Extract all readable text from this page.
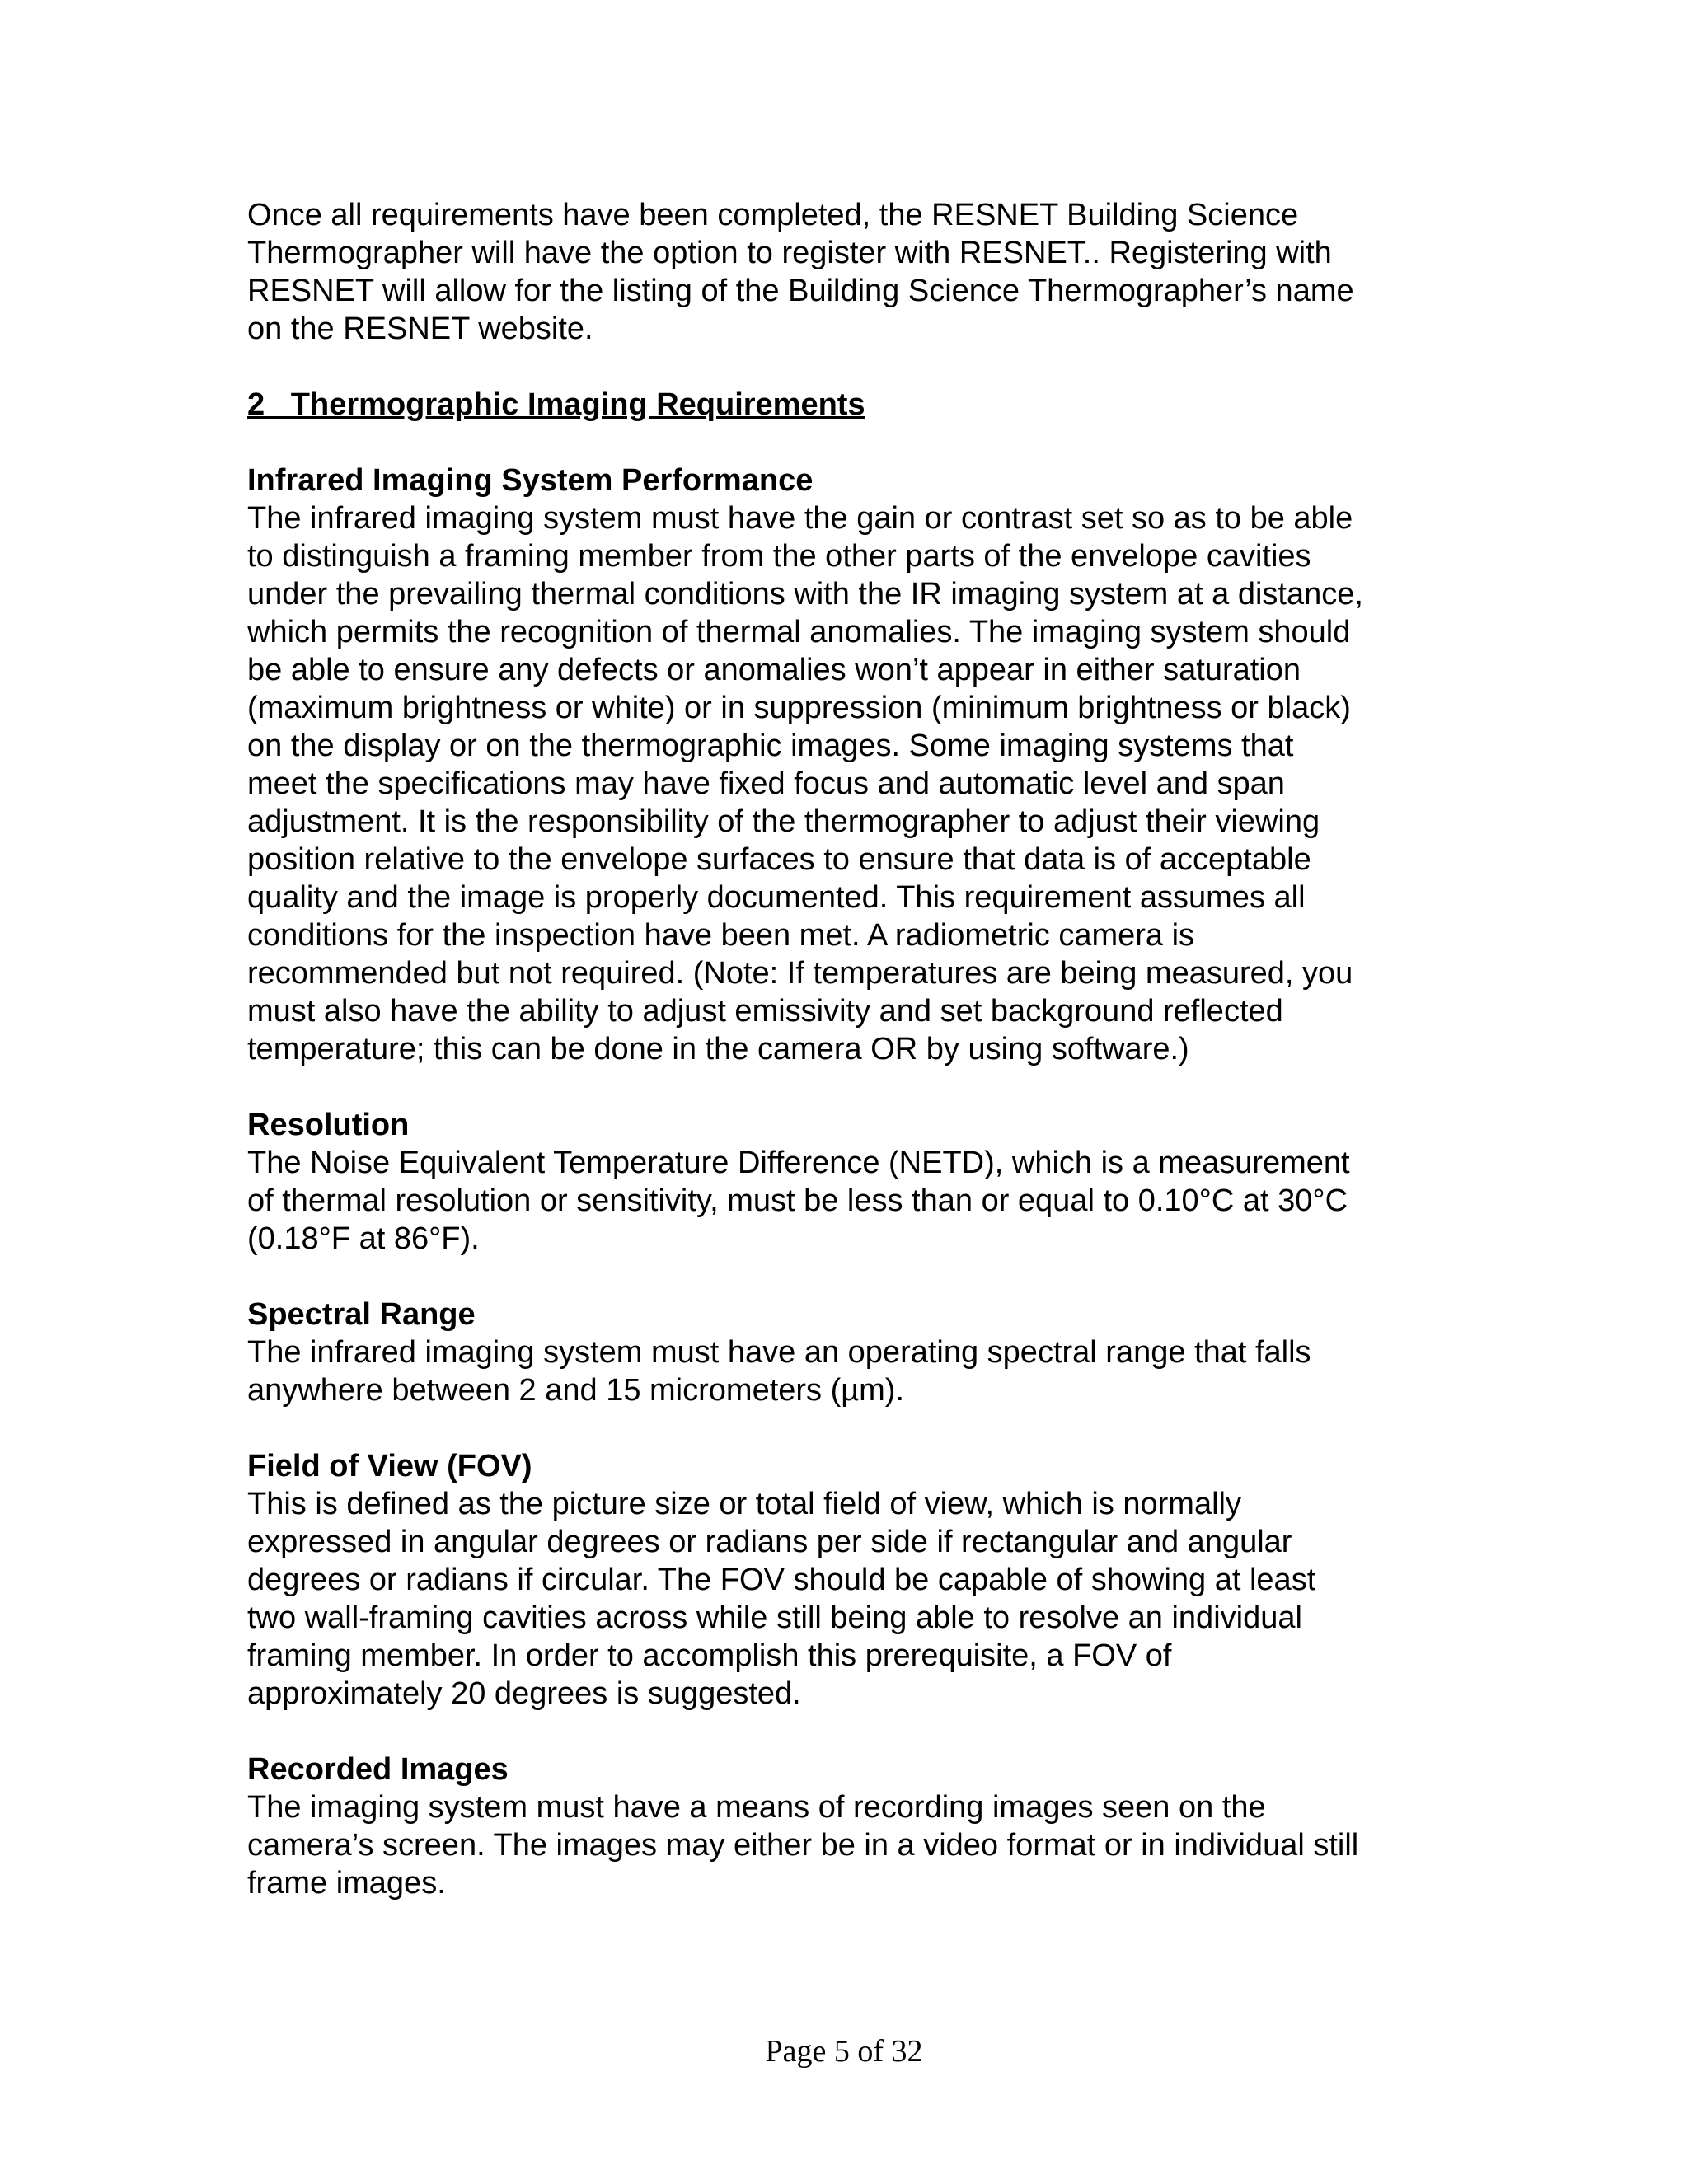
Once all requirements have been completed, the RESNET Building Science
Thermographer will have the option to register with RESNET.. Registering with
RESNET will allow for the listing of the Building Science Thermographer’s name
on the RESNET website.

2   Thermographic Imaging Requirements

Infrared Imaging System Performance

The infrared imaging system must have the gain or contrast set so as to be able
to distinguish a framing member from the other parts of the envelope cavities
under the prevailing thermal conditions with the IR imaging system at a distance,
which permits the recognition of thermal anomalies. The imaging system should
be able to ensure any defects or anomalies won’t appear in either saturation
(maximum brightness or white) or in suppression (minimum brightness or black)
on the display or on the thermographic images. Some imaging systems that
meet the specifications may have fixed focus and automatic level and span
adjustment. It is the responsibility of the thermographer to adjust their viewing
position relative to the envelope surfaces to ensure that data is of acceptable
quality and the image is properly documented. This requirement assumes all
conditions for the inspection have been met. A radiometric camera is
recommended but not required. (Note: If temperatures are being measured, you
must also have the ability to adjust emissivity and set background reflected
temperature; this can be done in the camera OR by using software.)

Resolution

The Noise Equivalent Temperature Difference (NETD), which is a measurement
of thermal resolution or sensitivity, must be less than or equal to 0.10°C at 30°C
(0.18°F at 86°F).

Spectral Range

The infrared imaging system must have an operating spectral range that falls
anywhere between 2 and 15 micrometers (µm).

Field of View (FOV)

This is defined as the picture size or total field of view, which is normally
expressed in angular degrees or radians per side if rectangular and angular
degrees or radians if circular. The FOV should be capable of showing at least
two wall-framing cavities across while still being able to resolve an individual
framing member. In order to accomplish this prerequisite, a FOV of
approximately 20 degrees is suggested.

Recorded Images

The imaging system must have a means of recording images seen on the
camera’s screen. The images may either be in a video format or in individual still
frame images.

Page 5 of 32
